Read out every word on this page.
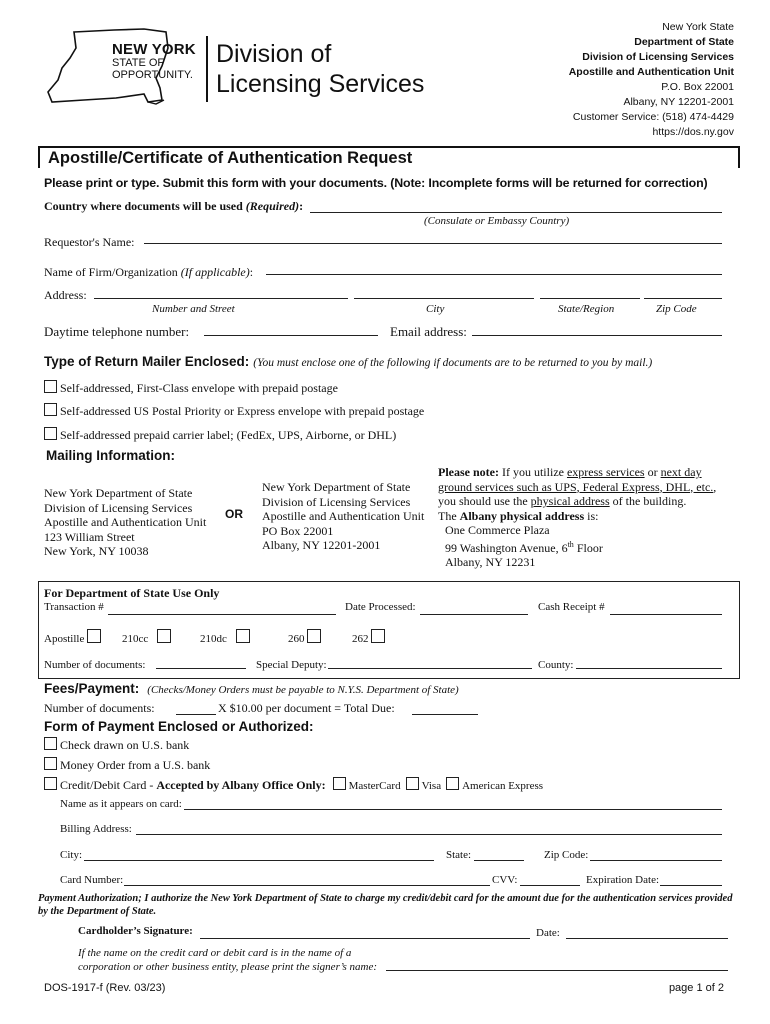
NEW YORK
STATE OF
OPPORTUNITY.
Division of
Licensing Services
New York State
Department of State
Division of Licensing Services
Apostille and Authentication Unit
P.O. Box 22001
Albany, NY 12201-2001
Customer Service: (518) 474-4429
https://dos.ny.gov
Apostille/Certificate of Authentication Request
Please print or type. Submit this form with your documents. (Note: Incomplete forms will be returned for correction)
Country where documents will be used (Required):
(Consulate or Embassy Country)
Requestor's Name:
Name of Firm/Organization (If applicable):
Address:
Number and Street	City	State/Region	Zip Code
Daytime telephone number:	Email address:
Type of Return Mailer Enclosed: (You must enclose one of the following if documents are to be returned to you by mail.)
Self-addressed, First-Class envelope with prepaid postage
Self-addressed US Postal Priority or Express envelope with prepaid postage
Self-addressed prepaid carrier label; (FedEx, UPS, Airborne, or DHL)
Mailing Information:
New York Department of State
Division of Licensing Services
Apostille and Authentication Unit
123 William Street
New York, NY 10038
OR
New York Department of State
Division of Licensing Services
Apostille and Authentication Unit
PO Box 22001
Albany, NY 12201-2001
Please note: If you utilize express services or next day
ground services such as UPS, Federal Express, DHL, etc.,
you should use the physical address of the building.
The Albany physical address is:
One Commerce Plaza
99 Washington Avenue, 6th Floor
Albany, NY 12231
For Department of State Use Only
Transaction #	Date Processed:	Cash Receipt #
Apostille	210cc	210dc	260	262
Number of documents:	Special Deputy:	County:
Fees/Payment: (Checks/Money Orders must be payable to N.Y.S. Department of State)
Number of documents:	X $10.00 per document = Total Due:
Form of Payment Enclosed or Authorized:
Check drawn on U.S. bank
Money Order from a U.S. bank
Credit/Debit Card - Accepted by Albany Office Only: MasterCard Visa American Express
Name as it appears on card:
Billing Address:
City:	State:	Zip Code:
Card Number:	CVV:	Expiration Date:
Payment Authorization; I authorize the New York Department of State to charge my credit/debit card for the amount due for the authentication services provided by the Department of State.
Cardholder’s Signature:	Date:
If the name on the credit card or debit card is in the name of a
corporation or other business entity, please print the signer’s name:
DOS-1917-f (Rev. 03/23)	page 1 of 2
